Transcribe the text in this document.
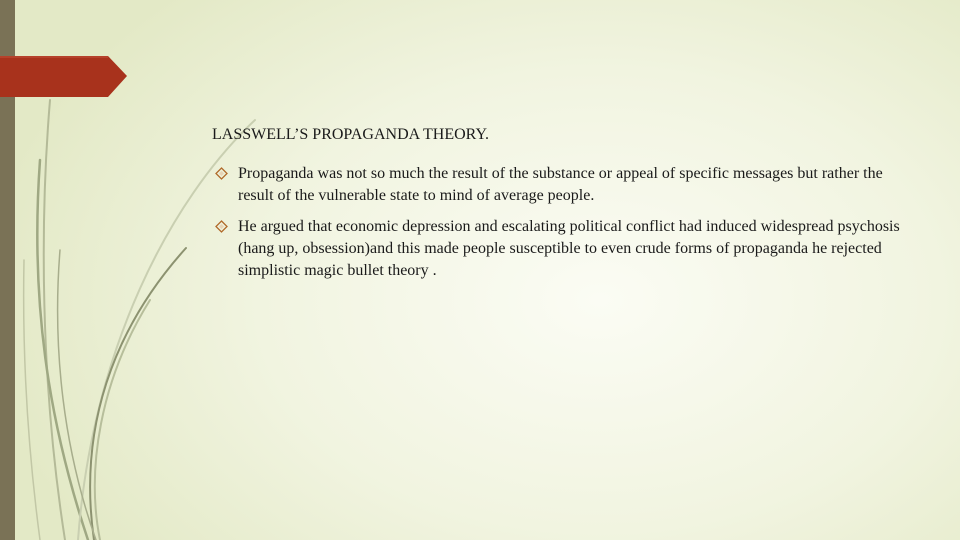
LASSWELL’S PROPAGANDA THEORY.
Propaganda was not so much the result of the substance or appeal of specific messages but rather the result of the vulnerable state to mind of average people.
He argued that economic depression and escalating political conflict had induced widespread psychosis (hang up, obsession)and this made people susceptible to even crude forms of propaganda he rejected simplistic magic bullet theory .
